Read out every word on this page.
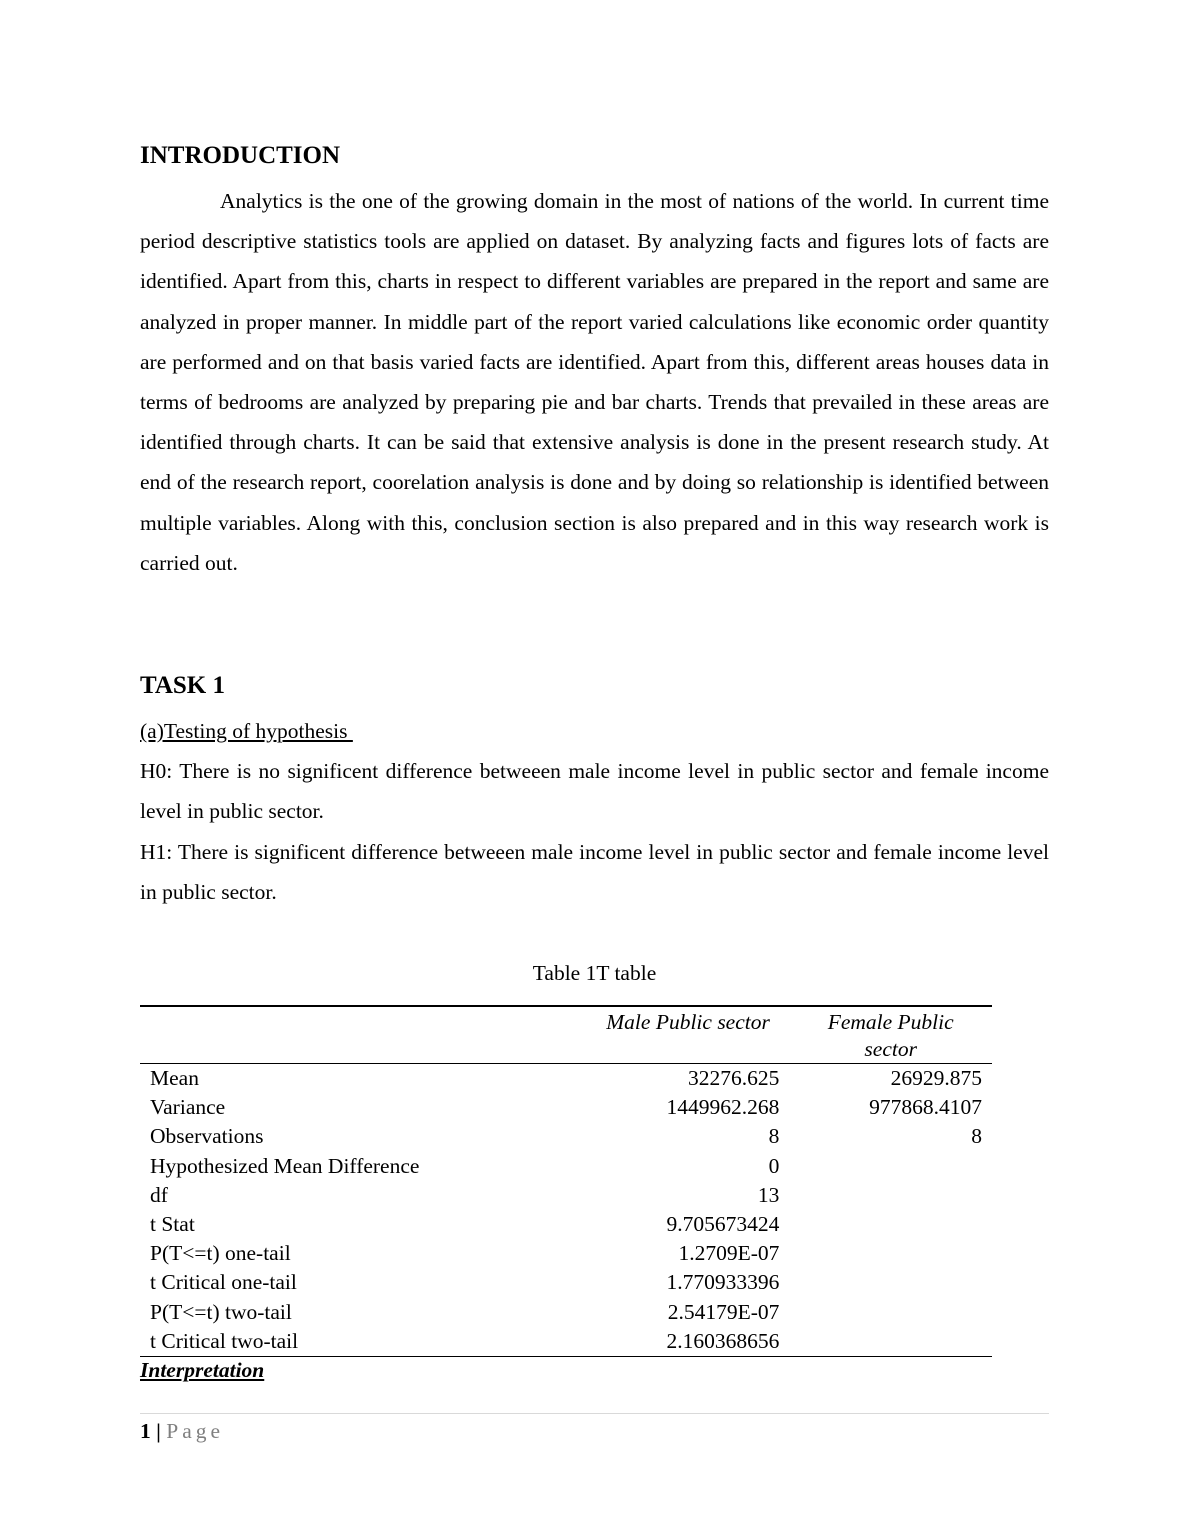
INTRODUCTION

Analytics is the one of the growing domain in the most of nations of the world. In current time period descriptive statistics tools are applied on dataset. By analyzing facts and figures lots of facts are identified. Apart from this, charts in respect to different variables are prepared in the report and same are analyzed in proper manner. In middle part of the report varied calculations like economic order quantity are performed and on that basis varied facts are identified. Apart from this, different areas houses data in terms of bedrooms are analyzed by preparing pie and bar charts. Trends that prevailed in these areas are identified through charts. It can be said that extensive analysis is done in the present research study. At end of the research report, coorelation analysis is done and by doing so relationship is identified between multiple variables. Along with this, conclusion section is also prepared and in this way research work is carried out.

TASK 1
(a)Testing of hypothesis

H0: There is no significent difference betweeen male income level in public sector and female income level in public sector.

H1: There is significent difference betweeen male income level in public sector and female income level in public sector.

Table 1T table
	Male Public sector	Female Public sector
Mean	32276.625	26929.875
Variance	1449962.268	977868.4107
Observations	8	8
Hypothesized Mean Difference	0	
df	13	
t Stat	9.705673424	
P(T<=t) one-tail	1.2709E-07	
t Critical one-tail	1.770933396	
P(T<=t) two-tail	2.54179E-07	
t Critical two-tail	2.160368656	
Interpretation
1 | Page
